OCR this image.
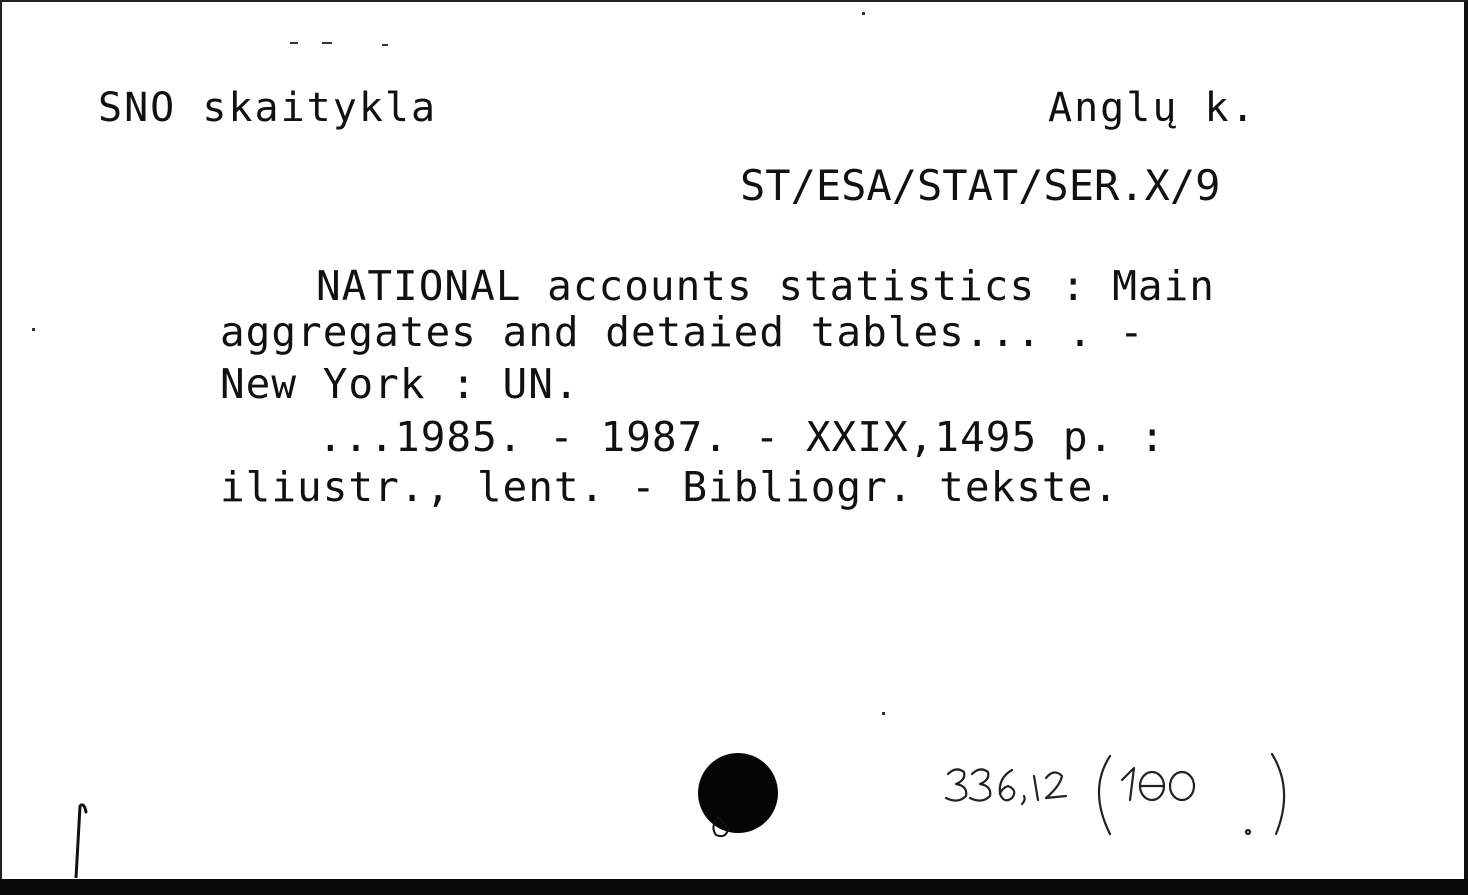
SNO skaitykla	Anglų k.
ST/ESA/STAT/SER.X/9
NATIONAL accounts statistics : Main
aggregates and detaied tables... . -
New York : UN.
...1985. - 1987. - XXIX,1495 p. :
iliustr., lent. - Bibliogr. tekste.
